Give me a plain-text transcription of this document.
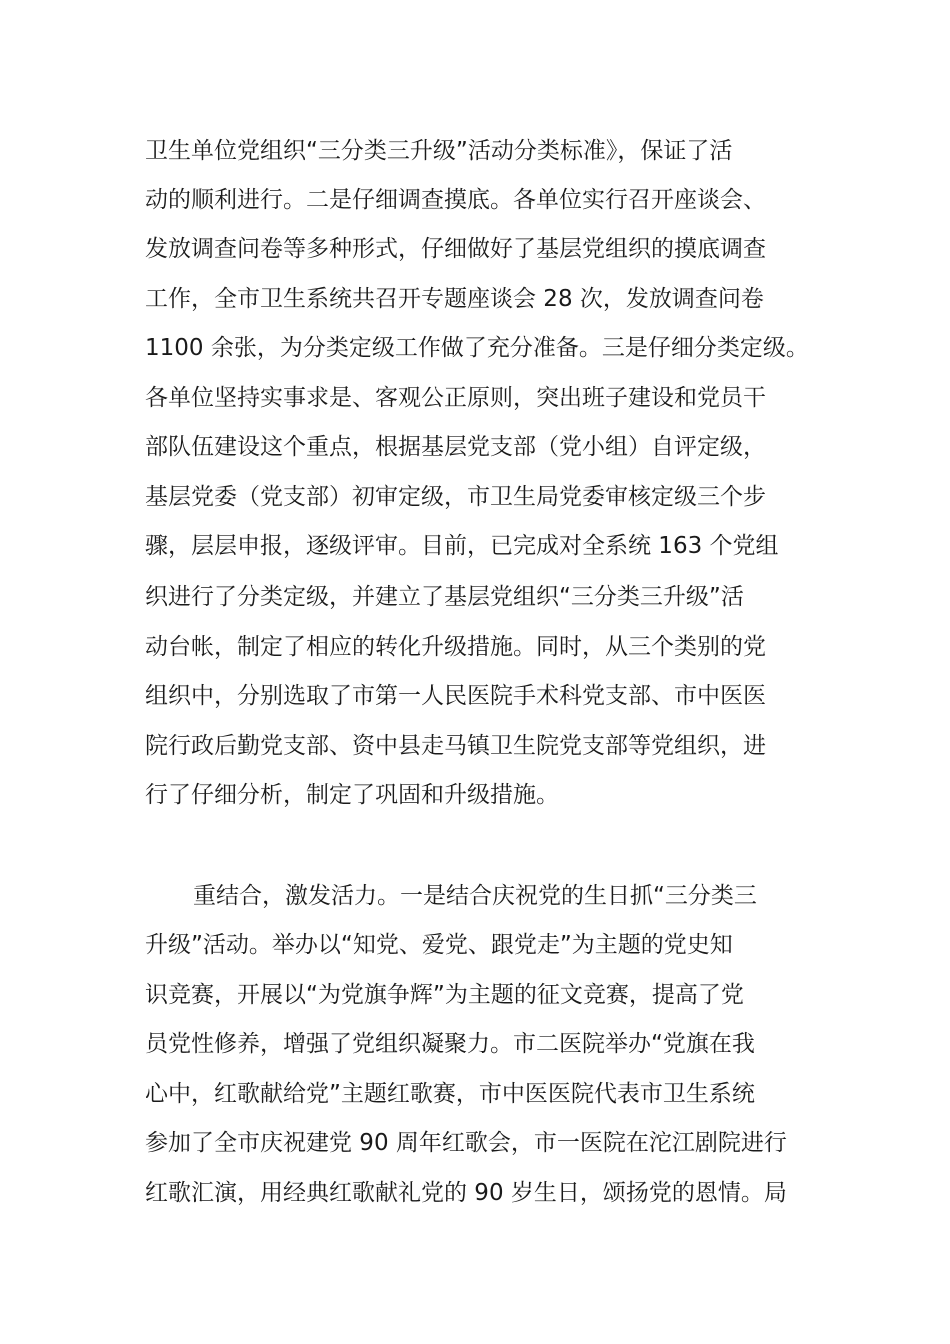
卫生单位党组织“三分类三升级”活动分类标准》，保证了活
动的顺利进行。二是仔细调查摸底。各单位实行召开座谈会、
发放调查问卷等多种形式，仔细做好了基层党组织的摸底调查
工作，全市卫生系统共召开专题座谈会 28 次，发放调查问卷
1100 余张，为分类定级工作做了充分准备。三是仔细分类定级。
各单位坚持实事求是、客观公正原则，突出班子建设和党员干
部队伍建设这个重点，根据基层党支部（党小组）自评定级，
基层党委（党支部）初审定级，市卫生局党委审核定级三个步
骤，层层申报，逐级评审。目前，已完成对全系统 163 个党组
织进行了分类定级，并建立了基层党组织“三分类三升级”活
动台帐，制定了相应的转化升级措施。同时，从三个类别的党
组织中，分别选取了市第一人民医院手术科党支部、市中医医
院行政后勤党支部、资中县走马镇卫生院党支部等党组织，进
行了仔细分析，制定了巩固和升级措施。
重结合，激发活力。一是结合庆祝党的生日抓“三分类三
升级”活动。举办以“知党、爱党、跟党走”为主题的党史知
识竞赛，开展以“为党旗争辉”为主题的征文竞赛，提高了党
员党性修养，增强了党组织凝聚力。市二医院举办“党旗在我
心中，红歌献给党”主题红歌赛，市中医医院代表市卫生系统
参加了全市庆祝建党 90 周年红歌会，市一医院在沱江剧院进行
红歌汇演，用经典红歌献礼党的 90 岁生日，颂扬党的恩情。局
